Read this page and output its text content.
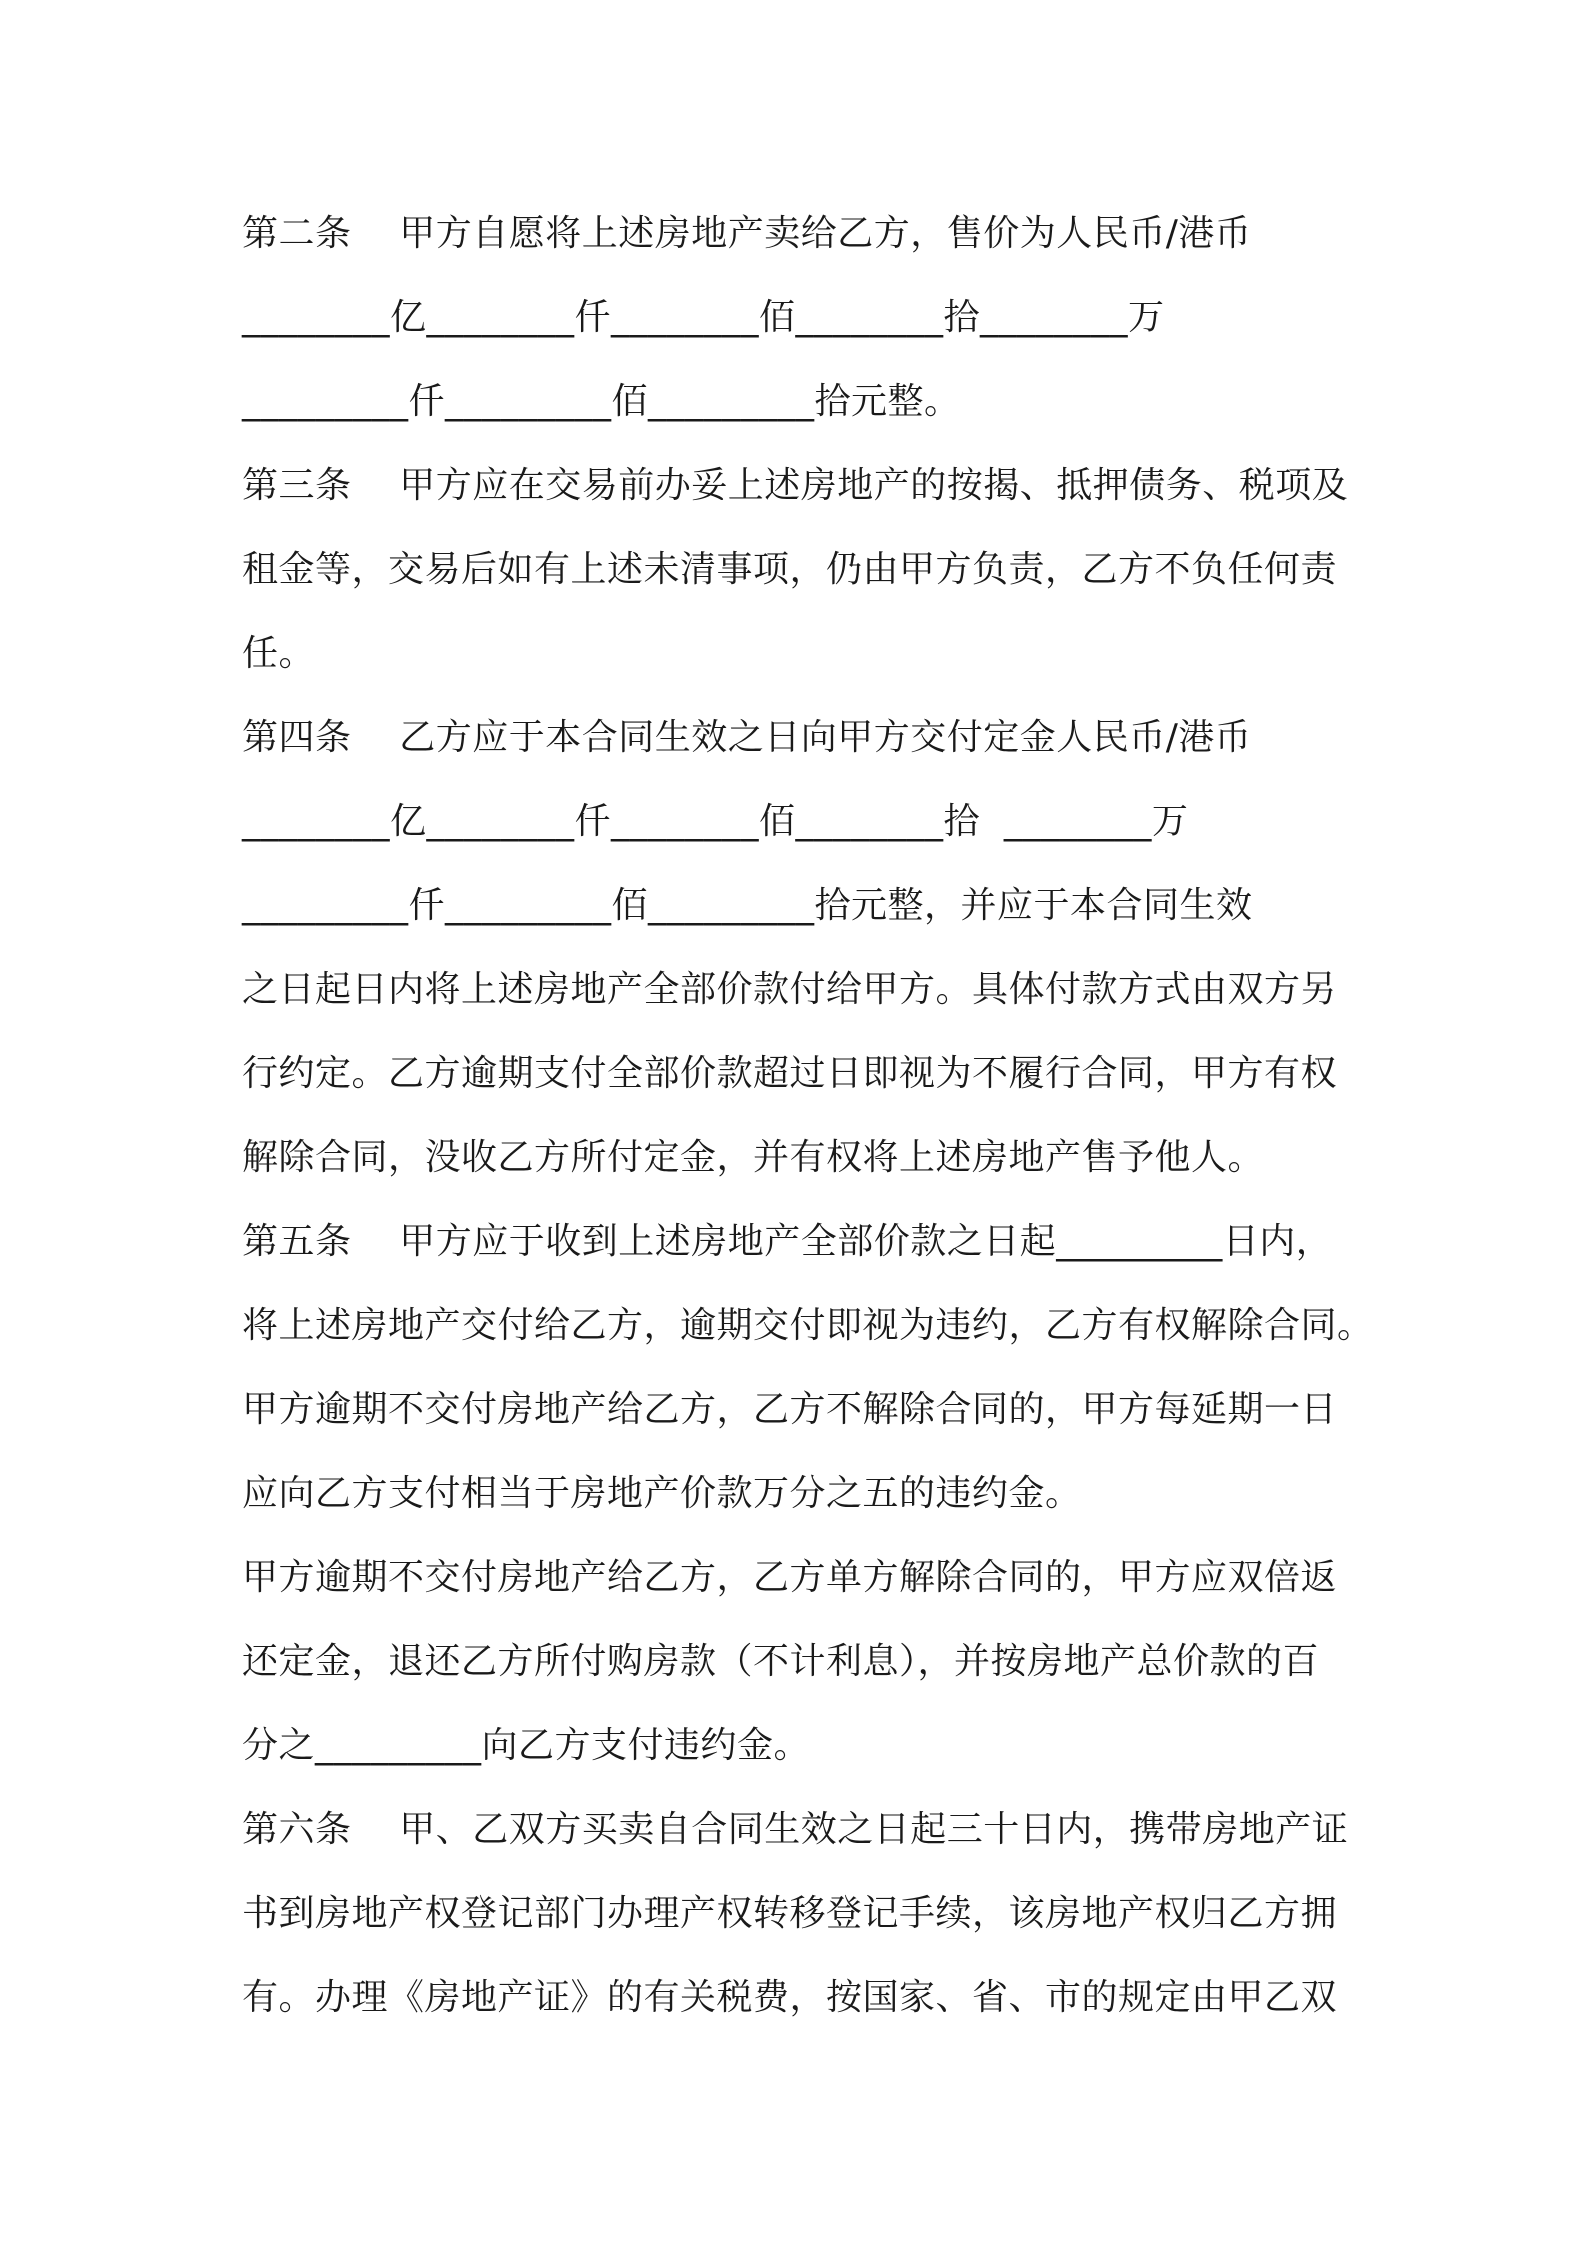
第二条    甲方自愿将上述房地产卖给乙方，售价为人民币/港币
________亿________仟________佰________拾________万
_________仟_________佰_________拾元整。
第三条    甲方应在交易前办妥上述房地产的按揭、抵押债务、税项及
租金等，交易后如有上述未清事项，仍由甲方负责，乙方不负任何责
任。
第四条    乙方应于本合同生效之日向甲方交付定金人民币/港币
________亿________仟________佰________拾  ________万
_________仟_________佰_________拾元整，并应于本合同生效
之日起日内将上述房地产全部价款付给甲方。具体付款方式由双方另
行约定。乙方逾期支付全部价款超过日即视为不履行合同，甲方有权
解除合同，没收乙方所付定金，并有权将上述房地产售予他人。
第五条    甲方应于收到上述房地产全部价款之日起_________日内，
将上述房地产交付给乙方，逾期交付即视为违约，乙方有权解除合同。
甲方逾期不交付房地产给乙方，乙方不解除合同的，甲方每延期一日
应向乙方支付相当于房地产价款万分之五的违约金。
甲方逾期不交付房地产给乙方，乙方单方解除合同的，甲方应双倍返
还定金，退还乙方所付购房款（不计利息），并按房地产总价款的百
分之_________向乙方支付违约金。
第六条    甲、乙双方买卖自合同生效之日起三十日内，携带房地产证
书到房地产权登记部门办理产权转移登记手续，该房地产权归乙方拥
有。办理《房地产证》的有关税费，按国家、省、市的规定由甲乙双
